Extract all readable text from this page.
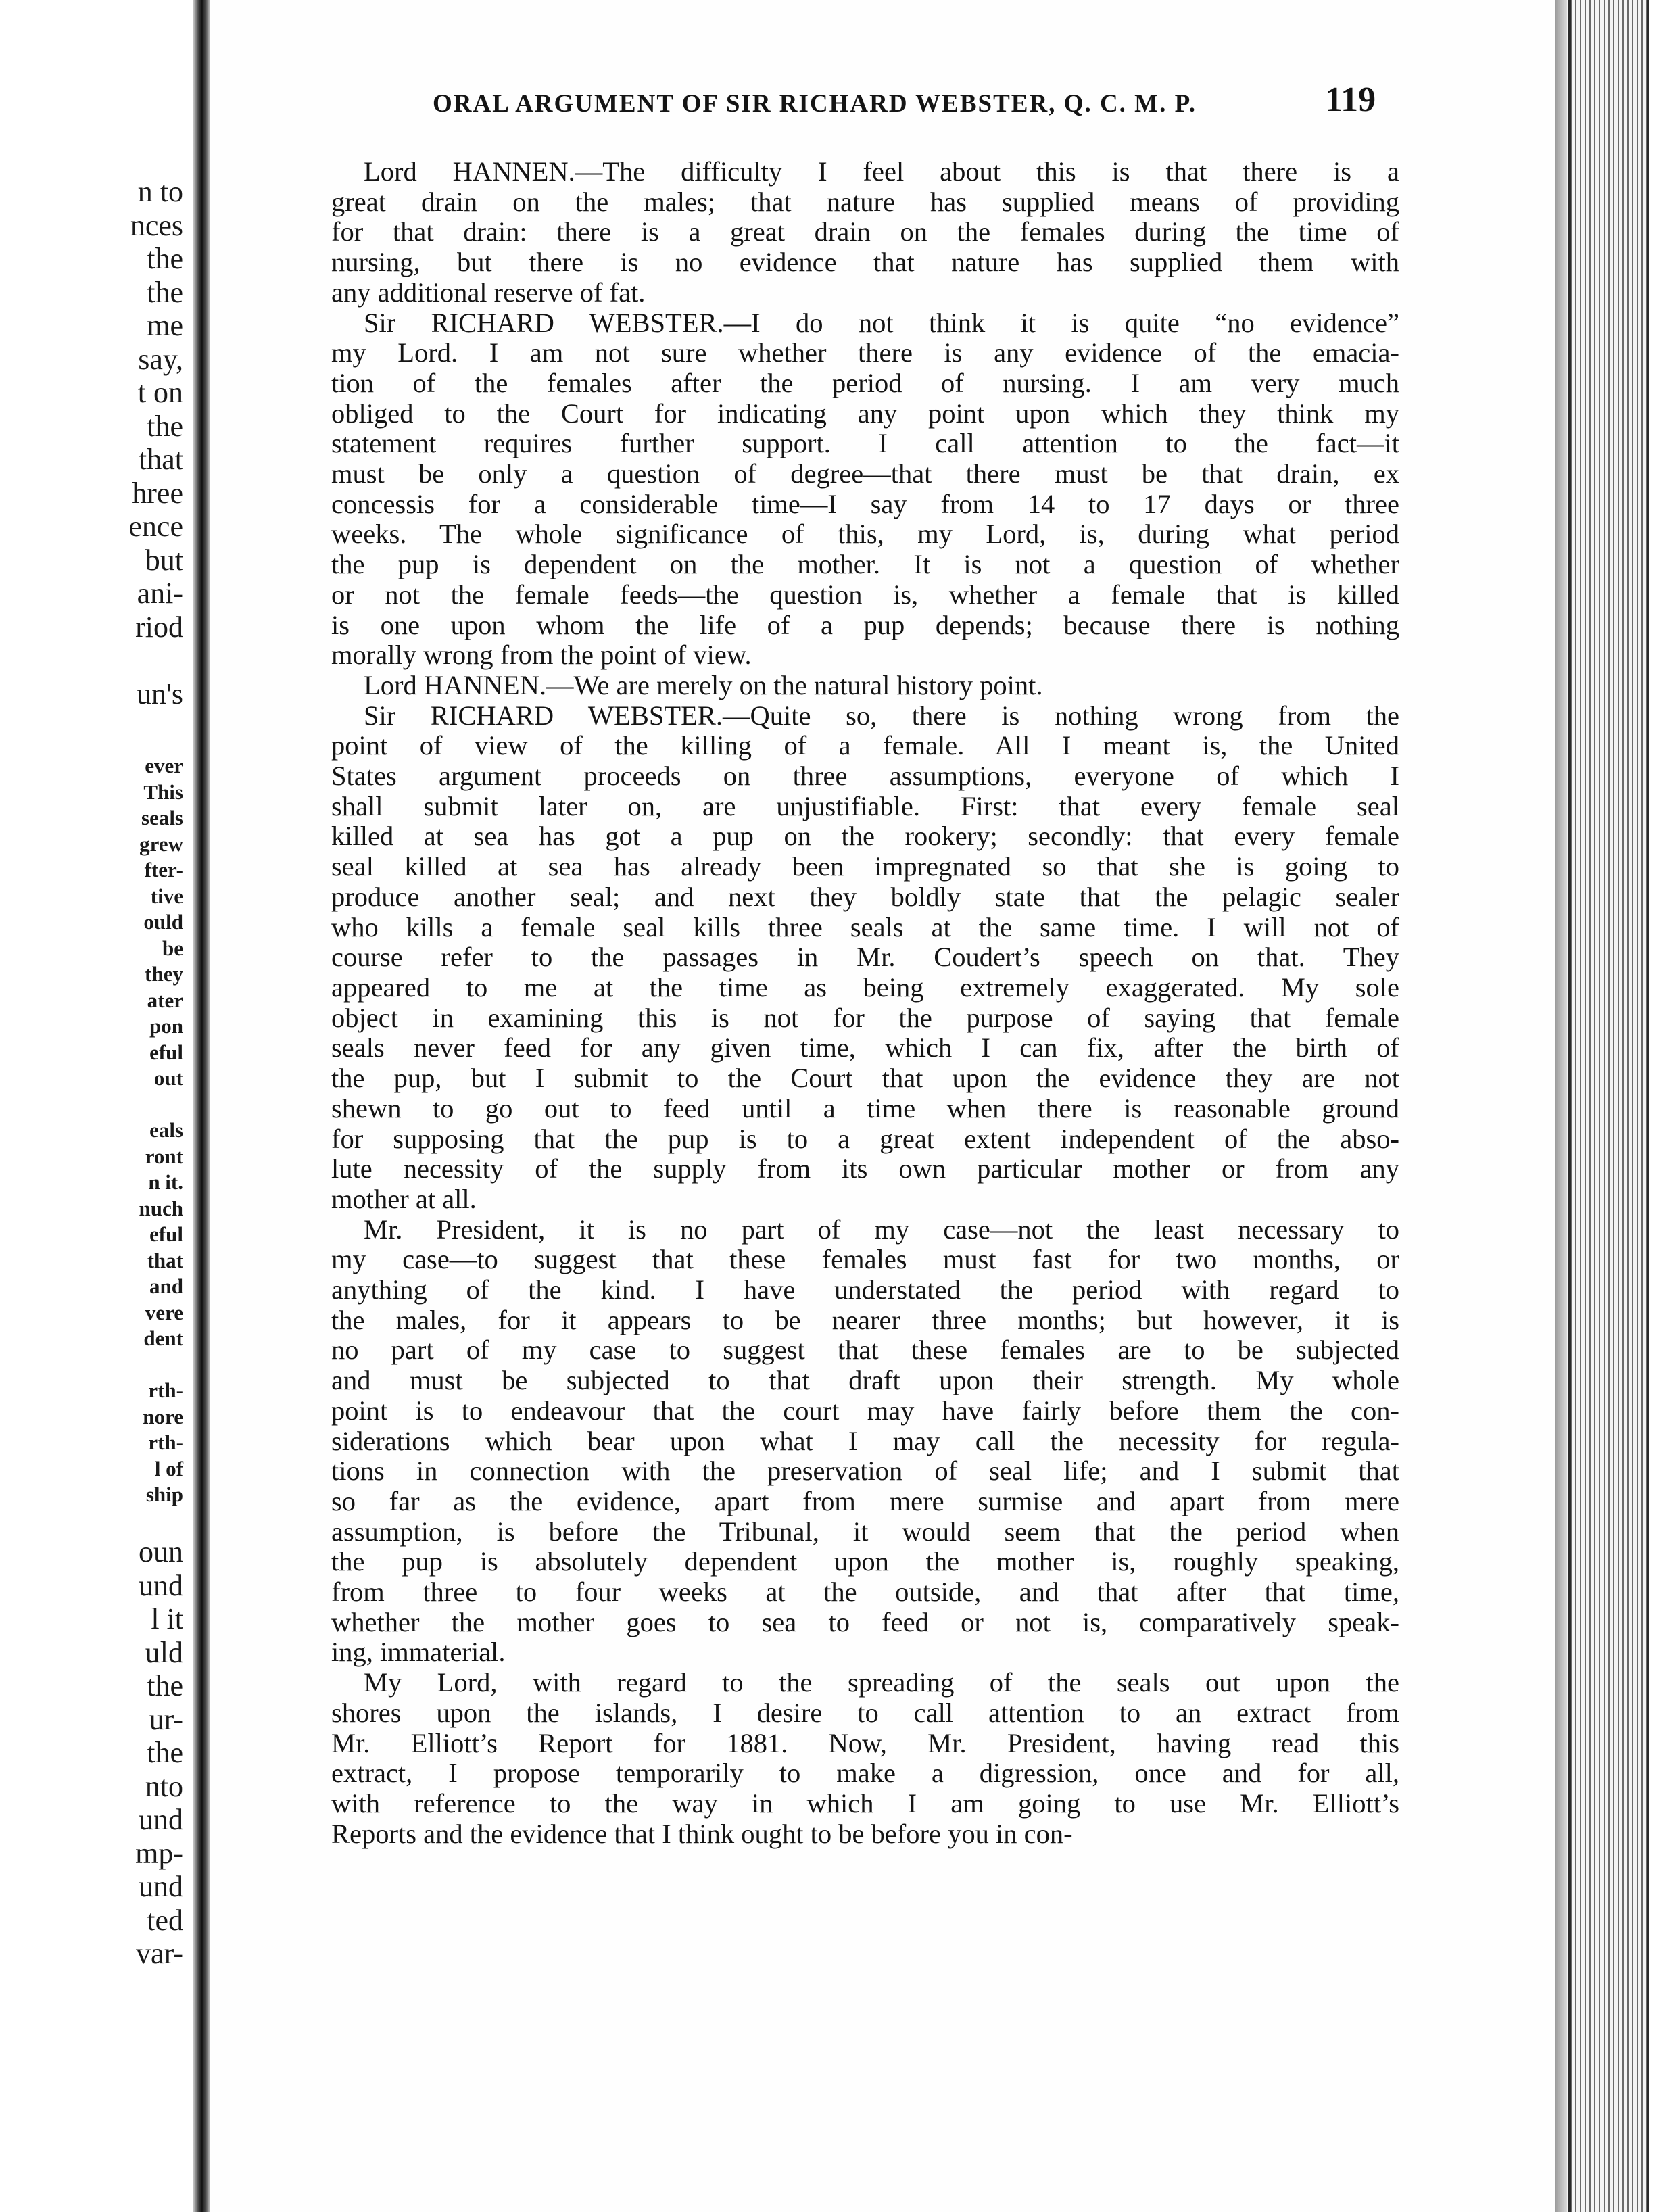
n to
nces
the
the
me
say,
t on
the
that
hree
ence
but
ani-
riod
un's
ever
This
seals
grew
fter-
tive
ould
be
they
ater
pon
eful
out
eals
ront
n it.
nuch
eful
that
and
vere
dent
rth-
nore
rth-
l of
ship
oun
und
l it
uld
the
ur-
the
nto
und
mp-
und
ted
var-
ORAL ARGUMENT OF SIR RICHARD WEBSTER, Q. C. M. P.	119

Lord HANNEN.—The difficulty I feel about this is that there is a
great drain on the males; that nature has supplied means of providing
for that drain: there is a great drain on the females during the time of
nursing, but there is no evidence that nature has supplied them with
any additional reserve of fat.

Sir RICHARD WEBSTER.—I do not think it is quite “no evidence”
my Lord. I am not sure whether there is any evidence of the emacia-
tion of the females after the period of nursing. I am very much
obliged to the Court for indicating any point upon which they think my
statement requires further support. I call attention to the fact—it
must be only a question of degree—that there must be that drain, ex
concessis for a considerable time—I say from 14 to 17 days or three
weeks. The whole significance of this, my Lord, is, during what period
the pup is dependent on the mother. It is not a question of whether
or not the female feeds—the question is, whether a female that is killed
is one upon whom the life of a pup depends; because there is nothing
morally wrong from the point of view.

Lord HANNEN.—We are merely on the natural history point.

Sir RICHARD WEBSTER.—Quite so, there is nothing wrong from the
point of view of the killing of a female. All I meant is, the United
States argument proceeds on three assumptions, everyone of which I
shall submit later on, are unjustifiable. First: that every female seal
killed at sea has got a pup on the rookery; secondly: that every female
seal killed at sea has already been impregnated so that she is going to
produce another seal; and next they boldly state that the pelagic sealer
who kills a female seal kills three seals at the same time. I will not of
course refer to the passages in Mr. Coudert’s speech on that. They
appeared to me at the time as being extremely exaggerated. My sole
object in examining this is not for the purpose of saying that female
seals never feed for any given time, which I can fix, after the birth of
the pup, but I submit to the Court that upon the evidence they are not
shewn to go out to feed until a time when there is reasonable ground
for supposing that the pup is to a great extent independent of the abso-
lute necessity of the supply from its own particular mother or from any
mother at all.

Mr. President, it is no part of my case—not the least necessary to
my case—to suggest that these females must fast for two months, or
anything of the kind. I have understated the period with regard to
the males, for it appears to be nearer three months; but however, it is
no part of my case to suggest that these females are to be subjected
and must be subjected to that draft upon their strength. My whole
point is to endeavour that the court may have fairly before them the con-
siderations which bear upon what I may call the necessity for regula-
tions in connection with the preservation of seal life; and I submit that
so far as the evidence, apart from mere surmise and apart from mere
assumption, is before the Tribunal, it would seem that the period when
the pup is absolutely dependent upon the mother is, roughly speaking,
from three to four weeks at the outside, and that after that time,
whether the mother goes to sea to feed or not is, comparatively speak-
ing, immaterial.

My Lord, with regard to the spreading of the seals out upon the
shores upon the islands, I desire to call attention to an extract from
Mr. Elliott’s Report for 1881. Now, Mr. President, having read this
extract, I propose temporarily to make a digression, once and for all,
with reference to the way in which I am going to use Mr. Elliott’s
Reports and the evidence that I think ought to be before you in con-
